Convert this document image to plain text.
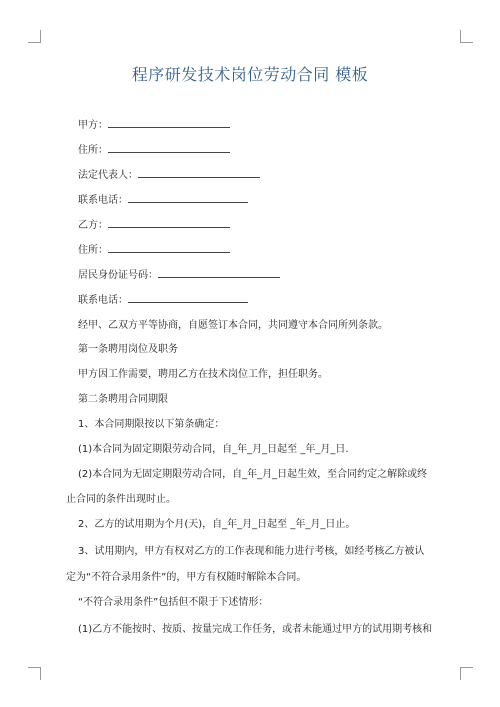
程序研发技术岗位劳动合同 模板
甲方：
住所：
法定代表人：
联系电话：
乙方：
住所：
居民身份证号码：
联系电话：
经甲、乙双方平等协商，自愿签订本合同，共同遵守本合同所列条款。
第一条聘用岗位及职务
甲方因工作需要，聘用乙方在技术岗位工作，担任职务。
第二条聘用合同期限
1、本合同期限按以下第条确定：
(1)本合同为固定期限劳动合同，自_年_月_日起至 _年_月_日.
(2)本合同为无固定期限劳动合同，自_年_月_日起生效，至合同约定之解除或终
止合同的条件出现时止。
2、乙方的试用期为个月(天)，自_年_月_日起至 _年_月_日止。
3、试用期内，甲方有权对乙方的工作表现和能力进行考核，如经考核乙方被认
定为“不符合录用条件”的，甲方有权随时解除本合同。
“不符合录用条件”包括但不限于下述情形：
(1)乙方不能按时、按质、按量完成工作任务，或者未能通过甲方的试用期考核和
